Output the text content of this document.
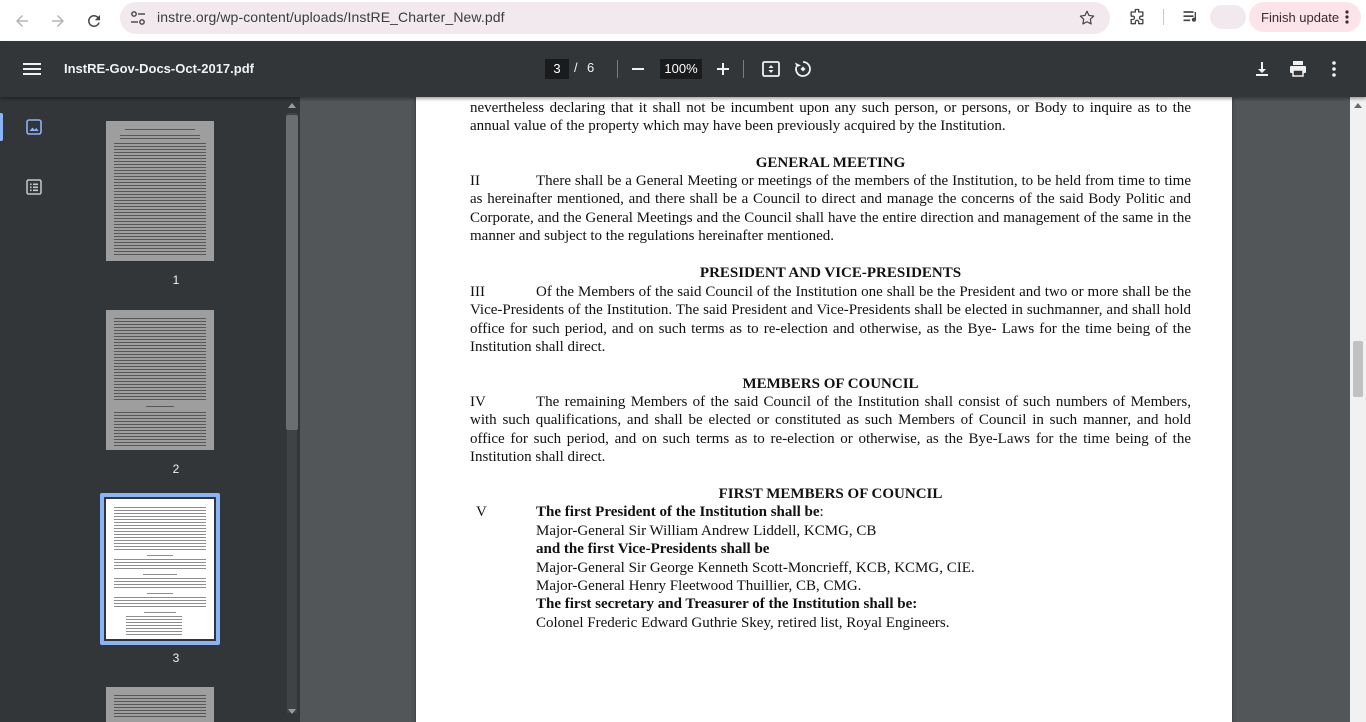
instre.org/wp-content/uploads/InstRE_Charter_New.pdf	Finish update
InstRE-Gov-Docs-Oct-2017.pdf	3	/ 6	100%
1
2
3
nevertheless declaring that it shall not be incumbent upon any such person, or persons, or Body to inquire as to the annual value of the property which may have been previously acquired by the Institution.
GENERAL MEETING
II	There shall be a General Meeting or meetings of the members of the Institution, to be held from time to time as hereinafter mentioned, and there shall be a Council to direct and manage the concerns of the said Body Politic and Corporate, and the General Meetings and the Council shall have the entire direction and management of the same in the manner and subject to the regulations hereinafter mentioned.
PRESIDENT AND VICE-PRESIDENTS
III	Of the Members of the said Council of the Institution one shall be the President and two or more shall be the Vice-Presidents of the Institution. The said President and Vice-Presidents shall be elected in suchmanner, and shall hold office for such period, and on such terms as to re-election and otherwise, as the Bye- Laws for the time being of the Institution shall direct.
MEMBERS OF COUNCIL
IV	The remaining Members of the said Council of the Institution shall consist of such numbers of Members, with such qualifications, and shall be elected or constituted as such Members of Council in such manner, and hold office for such period, and on such terms as to re-election or otherwise, as the Bye-Laws for the time being of the Institution shall direct.
FIRST MEMBERS OF COUNCIL
V	The first President of the Institution shall be:
Major-General Sir William Andrew Liddell, KCMG, CB
and the first Vice-Presidents shall be
Major-General Sir George Kenneth Scott-Moncrieff, KCB, KCMG, CIE.
Major-General Henry Fleetwood Thuillier, CB, CMG.
The first secretary and Treasurer of the Institution shall be:
Colonel Frederic Edward Guthrie Skey, retired list, Royal Engineers.
